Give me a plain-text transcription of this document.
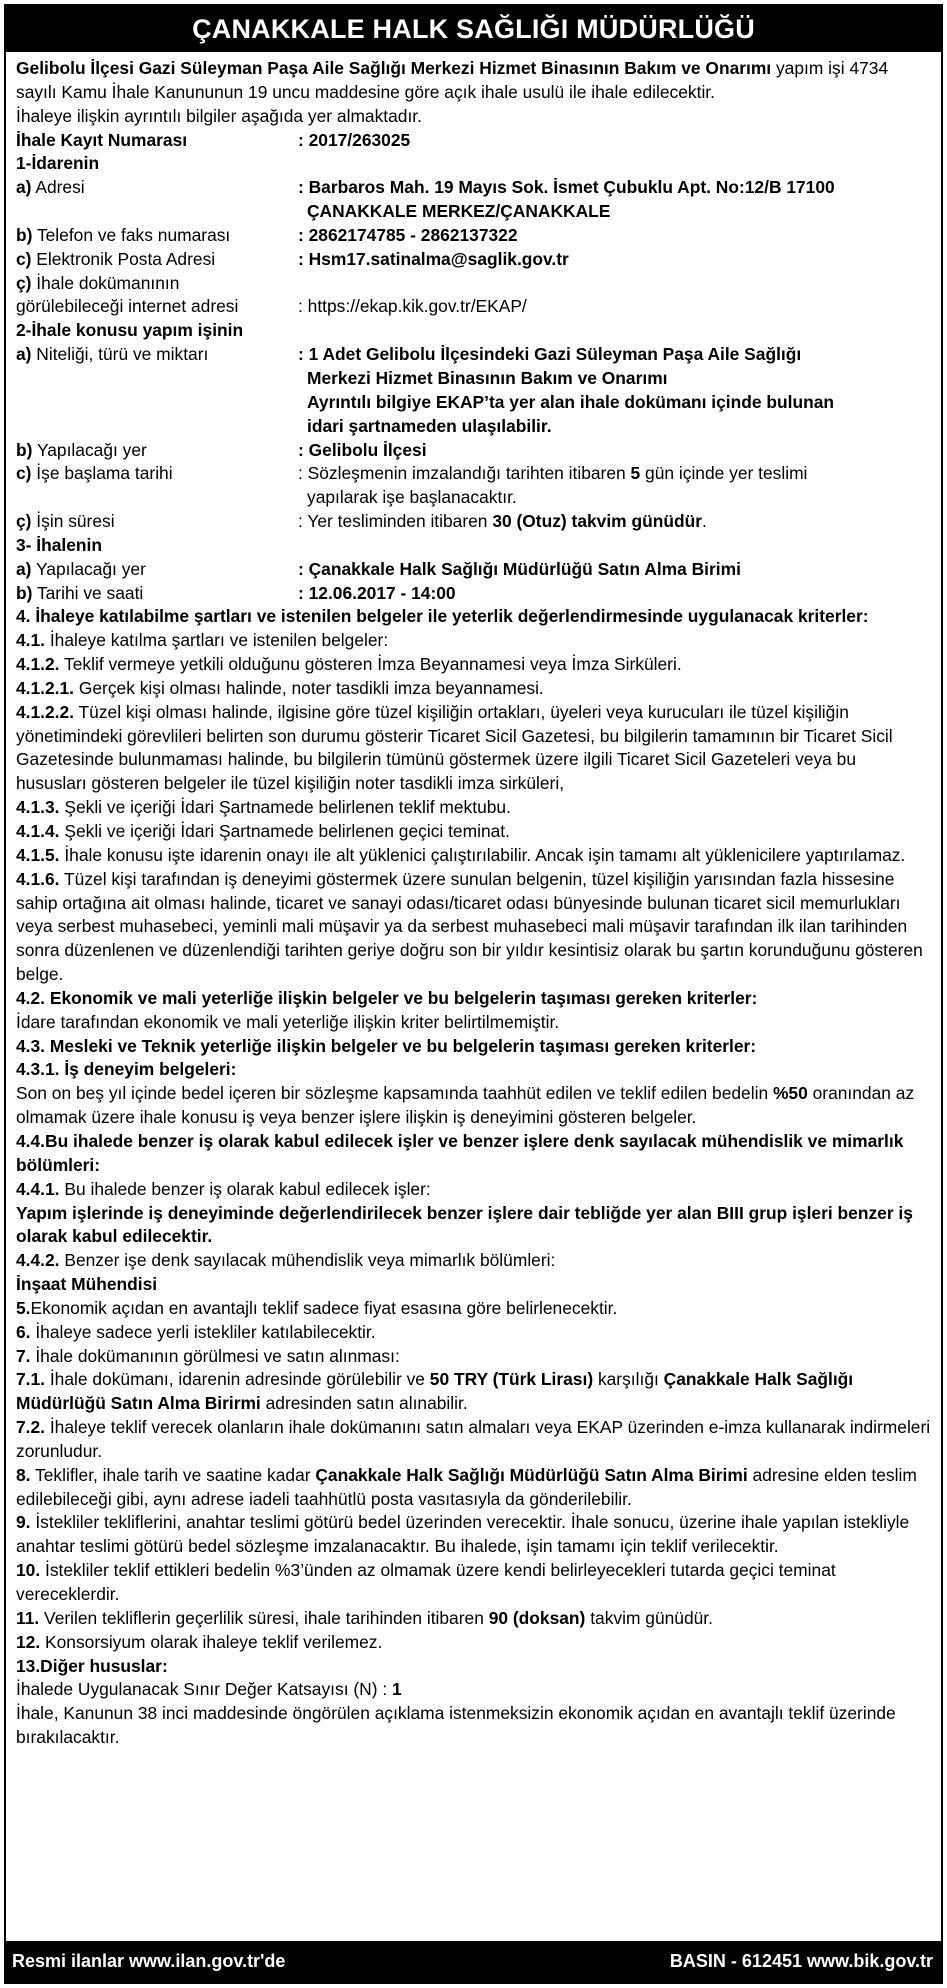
ÇANAKKALE HALK SAĞLIĞI MÜDÜRLÜĞÜ

Gelibolu İlçesi Gazi Süleyman Paşa Aile Sağlığı Merkezi Hizmet Binasının Bakım ve Onarımı yapım işi 4734 sayılı Kamu İhale Kanununun 19 uncu maddesine göre açık ihale usulü ile ihale edilecektir.

İhaleye ilişkin ayrıntılı bilgiler aşağıda yer almaktadır.

İhale Kayıt Numarası	: 2017/263025

1-İdarenin

a) Adresi	: Barbaros Mah. 19 Mayıs Sok. İsmet Çubuklu Apt. No:12/B 17100
ÇANAKKALE MERKEZ/ÇANAKKALE
b) Telefon ve faks numarası	: 2862174785 - 2862137322
c) Elektronik Posta Adresi	: Hsm17.satinalma@saglik.gov.tr
ç) İhale dokümanının
görülebileceği internet adresi	: https://ekap.kik.gov.tr/EKAP/

2-İhale konusu yapım işinin

a) Niteliği, türü ve miktarı	: 1 Adet Gelibolu İlçesindeki Gazi Süleyman Paşa Aile Sağlığı
Merkezi Hizmet Binasının Bakım ve Onarımı
Ayrıntılı bilgiye EKAP’ta yer alan ihale dokümanı içinde bulunan
idari şartnameden ulaşılabilir.
b) Yapılacağı yer	: Gelibolu İlçesi
c) İşe başlama tarihi	: Sözleşmenin imzalandığı tarihten itibaren 5 gün içinde yer teslimi
yapılarak işe başlanacaktır.
ç) İşin süresi	: Yer tesliminden itibaren 30 (Otuz) takvim günüdür.

3- İhalenin

a) Yapılacağı yer	: Çanakkale Halk Sağlığı Müdürlüğü Satın Alma Birimi
b) Tarihi ve saati	: 12.06.2017 - 14:00

4. İhaleye katılabilme şartları ve istenilen belgeler ile yeterlik değerlendirmesinde uygulanacak kriterler:

4.1. İhaleye katılma şartları ve istenilen belgeler:

4.1.2. Teklif vermeye yetkili olduğunu gösteren İmza Beyannamesi veya İmza Sirküleri.

4.1.2.1. Gerçek kişi olması halinde, noter tasdikli imza beyannamesi.

4.1.2.2. Tüzel kişi olması halinde, ilgisine göre tüzel kişiliğin ortakları, üyeleri veya kurucuları ile tüzel kişiliğin yönetimindeki görevlileri belirten son durumu gösterir Ticaret Sicil Gazetesi, bu bilgilerin tamamının bir Ticaret Sicil Gazetesinde bulunmaması halinde, bu bilgilerin tümünü göstermek üzere ilgili Ticaret Sicil Gazeteleri veya bu hususları gösteren belgeler ile tüzel kişiliğin noter tasdikli imza sirküleri,

4.1.3. Şekli ve içeriği İdari Şartnamede belirlenen teklif mektubu.

4.1.4. Şekli ve içeriği İdari Şartnamede belirlenen geçici teminat.

4.1.5. İhale konusu işte idarenin onayı ile alt yüklenici çalıştırılabilir. Ancak işin tamamı alt yüklenicilere yaptırılamaz.

4.1.6. Tüzel kişi tarafından iş deneyimi göstermek üzere sunulan belgenin, tüzel kişiliğin yarısından fazla hissesine sahip ortağına ait olması halinde, ticaret ve sanayi odası/ticaret odası bünyesinde bulunan ticaret sicil memurlukları veya serbest muhasebeci, yeminli mali müşavir ya da serbest muhasebeci mali müşavir tarafından ilk ilan tarihinden sonra düzenlenen ve düzenlendiği tarihten geriye doğru son bir yıldır kesintisiz olarak bu şartın korunduğunu gösteren belge.

4.2. Ekonomik ve mali yeterliğe ilişkin belgeler ve bu belgelerin taşıması gereken kriterler:

İdare tarafından ekonomik ve mali yeterliğe ilişkin kriter belirtilmemiştir.

4.3. Mesleki ve Teknik yeterliğe ilişkin belgeler ve bu belgelerin taşıması gereken kriterler:

4.3.1. İş deneyim belgeleri:

Son on beş yıl içinde bedel içeren bir sözleşme kapsamında taahhüt edilen ve teklif edilen bedelin %50 oranından az olmamak üzere ihale konusu iş veya benzer işlere ilişkin iş deneyimini gösteren belgeler.

4.4.Bu ihalede benzer iş olarak kabul edilecek işler ve benzer işlere denk sayılacak mühendislik ve mimarlık bölümleri:

4.4.1. Bu ihalede benzer iş olarak kabul edilecek işler:

Yapım işlerinde iş deneyiminde değerlendirilecek benzer işlere dair tebliğde yer alan BIII grup işleri benzer iş olarak kabul edilecektir.

4.4.2. Benzer işe denk sayılacak mühendislik veya mimarlık bölümleri:

İnşaat Mühendisi

5.Ekonomik açıdan en avantajlı teklif sadece fiyat esasına göre belirlenecektir.

6. İhaleye sadece yerli istekliler katılabilecektir.

7. İhale dokümanının görülmesi ve satın alınması:

7.1. İhale dokümanı, idarenin adresinde görülebilir ve 50 TRY (Türk Lirası) karşılığı Çanakkale Halk Sağlığı Müdürlüğü Satın Alma Birirmi adresinden satın alınabilir.

7.2. İhaleye teklif verecek olanların ihale dokümanını satın almaları veya EKAP üzerinden e-imza kullanarak indirmeleri zorunludur.

8. Teklifler, ihale tarih ve saatine kadar Çanakkale Halk Sağlığı Müdürlüğü Satın Alma Birimi adresine elden teslim edilebileceği gibi, aynı adrese iadeli taahhütlü posta vasıtasıyla da gönderilebilir.

9. İstekliler tekliflerini, anahtar teslimi götürü bedel üzerinden verecektir. İhale sonucu, üzerine ihale yapılan istekliyle anahtar teslimi götürü bedel sözleşme imzalanacaktır. Bu ihalede, işin tamamı için teklif verilecektir.

10. İstekliler teklif ettikleri bedelin %3’ünden az olmamak üzere kendi belirleyecekleri tutarda geçici teminat vereceklerdir.

11. Verilen tekliflerin geçerlilik süresi, ihale tarihinden itibaren 90 (doksan) takvim günüdür.

12. Konsorsiyum olarak ihaleye teklif verilemez.

13.Diğer hususlar:

İhalede Uygulanacak Sınır Değer Katsayısı (N) : 1

İhale, Kanunun 38 inci maddesinde öngörülen açıklama istenmeksizin ekonomik açıdan en avantajlı teklif üzerinde bırakılacaktır.

Resmi ilanlar www.ilan.gov.tr'de	BASIN - 612451 www.bik.gov.tr
